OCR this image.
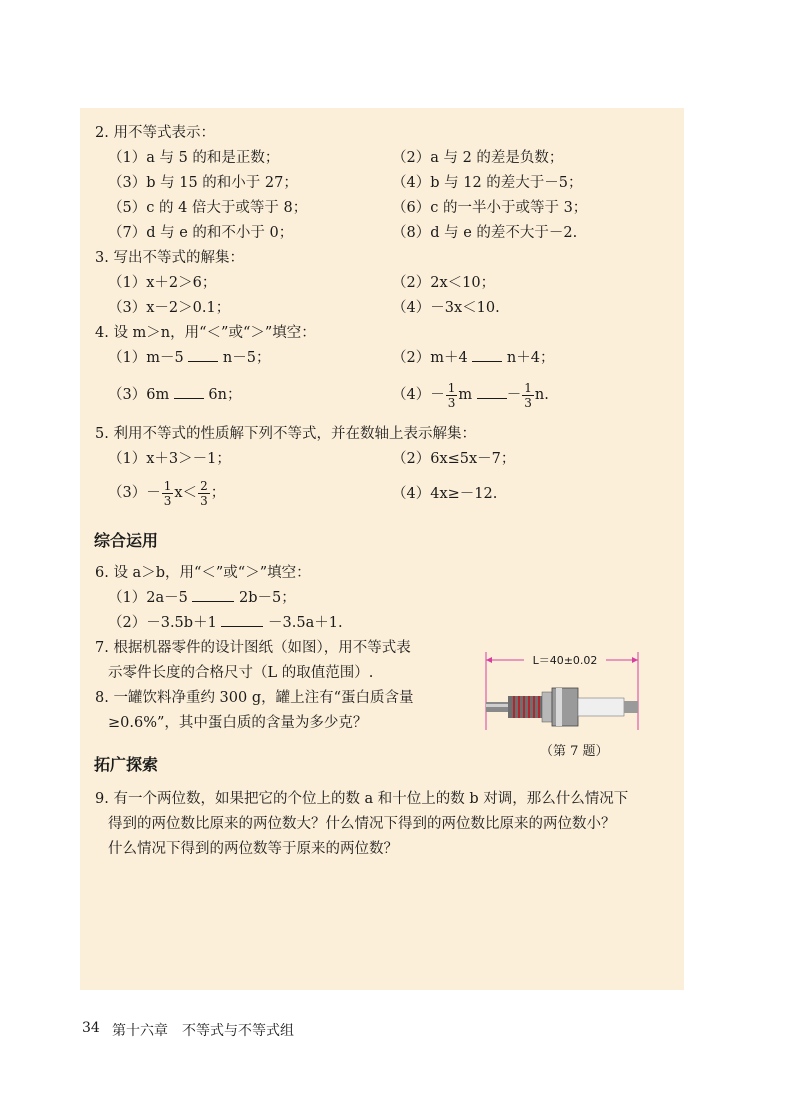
2. 用不等式表示：
（1）a 与 5 的和是正数；	（2）a 与 2 的差是负数；
（3）b 与 15 的和小于 27；	（4）b 与 12 的差大于－5；
（5）c 的 4 倍大于或等于 8；	（6）c 的一半小于或等于 3；
（7）d 与 e 的和不小于 0；	（8）d 与 e 的差不大于－2.
3. 写出不等式的解集：
（1）x＋2＞6；	（2）2x＜10；
（3）x－2＞0.1；	（4）－3x＜10.
4. 设 m＞n，用“＜”或“＞”填空：
（1）m－5	n－5；	（2）m＋4	n＋4；
（3）6m	6n；	$(4)- \frac{1}{3}$ $m - \frac{1}{3} n$.
5. 利用不等式的性质解下列不等式，并在数轴上表示解集：
（1）x＋3＞－1；	（2）6x≤5x－7；
$(3)- \frac{1}{3} x< \frac{2}{3}$ ；	（4）4x≥－12.
综合运用
6. 设 a＞b，用“＜”或“＞”填空：
（1）2a－5	2b－5；
（2）－3.5b＋1	－3.5a＋1.
7. 根据机器零件的设计图纸（如图），用不等式表
示零件长度的合格尺寸（L 的取值范围）.
8. 一罐饮料净重约 300 g，罐上注有“蛋白质含量
≥0.6%”，其中蛋白质的含量为多少克？
L＝40±0.02
（第 7 题）
拓广探索
9. 有一个两位数，如果把它的个位上的数 a 和十位上的数 b 对调，那么什么情况下
得到的两位数比原来的两位数大？什么情况下得到的两位数比原来的两位数小？
什么情况下得到的两位数等于原来的两位数？
34 第十六章 不等式与不等式组
